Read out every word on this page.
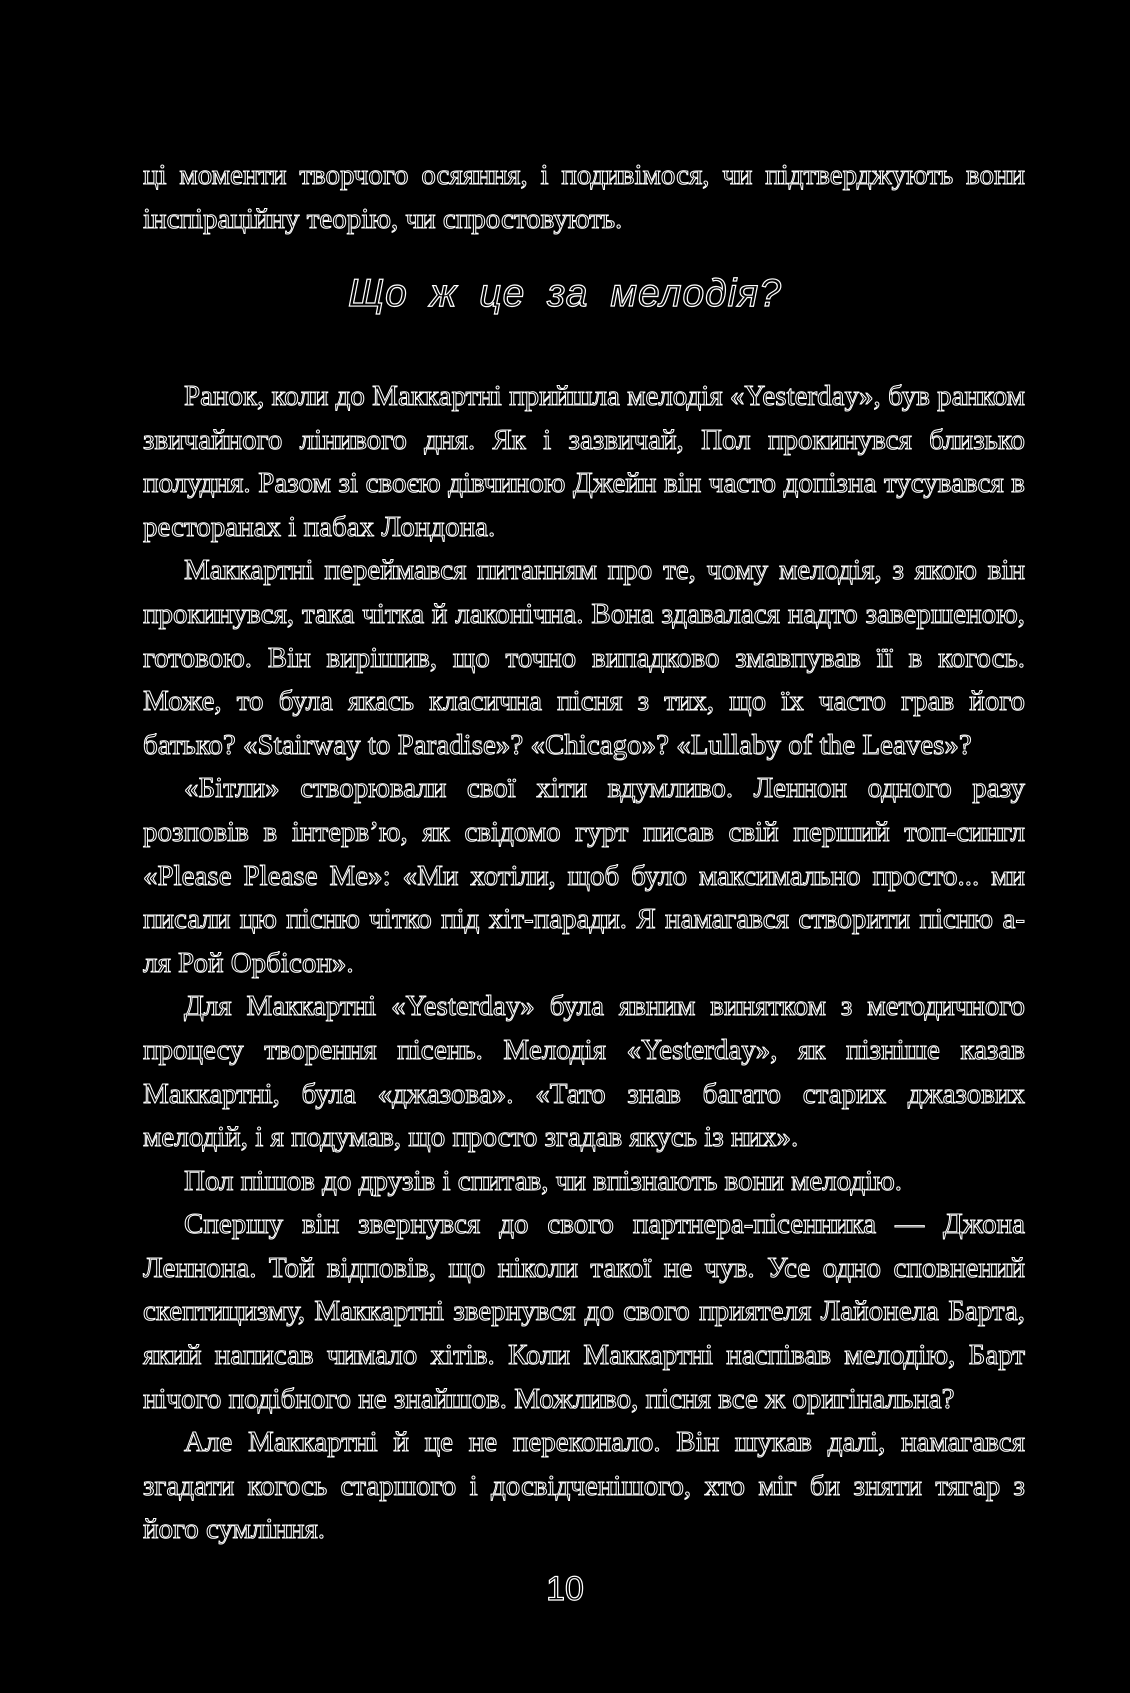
ці моменти творчого осяяння, і подивімося, чи підтверджують вони інспіраційну теорію, чи спростовують.

Що ж це за мелодія?

Ранок, коли до Маккартні прийшла мелодія «Yesterday», був ранком звичайного лінивого дня. Як і зазвичай, Пол прокинувся близько полудня. Разом зі своєю дівчиною Джейн він часто допізна тусувався в ресторанах і пабах Лондона.

Маккартні переймався питанням про те, чому мелодія, з якою він прокинувся, така чітка й лаконічна. Вона здавалася надто завершеною, готовою. Він вирішив, що точно випадково змавпував її в когось. Може, то була якась класична пісня з тих, що їх часто грав його батько? «Stairway to Paradise»? «Chicago»? «Lullaby of the Leaves»?

«Бітли» створювали свої хіти вдумливо. Леннон одного разу розповів в інтерв’ю, як свідомо гурт писав свій перший топ-сингл «Please Please Me»: «Ми хотіли, щоб було максимально просто... ми писали цю пісню чітко під хіт-паради. Я намагався створити пісню а-ля Рой Орбісон».

Для Маккартні «Yesterday» була явним винятком з методичного процесу творення пісень. Мелодія «Yesterday», як пізніше казав Маккартні, була «джазова». «Тато знав багато старих джазових мелодій, і я подумав, що просто згадав якусь із них».

Пол пішов до друзів і спитав, чи впізнають вони мелодію.

Спершу він звернувся до свого партнера-пісенника — Джона Леннона. Той відповів, що ніколи такої не чув. Усе одно сповнений скептицизму, Маккартні звернувся до свого приятеля Лайонела Барта, який написав чимало хітів. Коли Маккартні наспівав мелодію, Барт нічого подібного не знайшов. Можливо, пісня все ж оригінальна?

Але Маккартні й це не переконало. Він шукав далі, намагався згадати когось старшого і досвідченішого, хто міг би зняти тягар з його сумління.

10
